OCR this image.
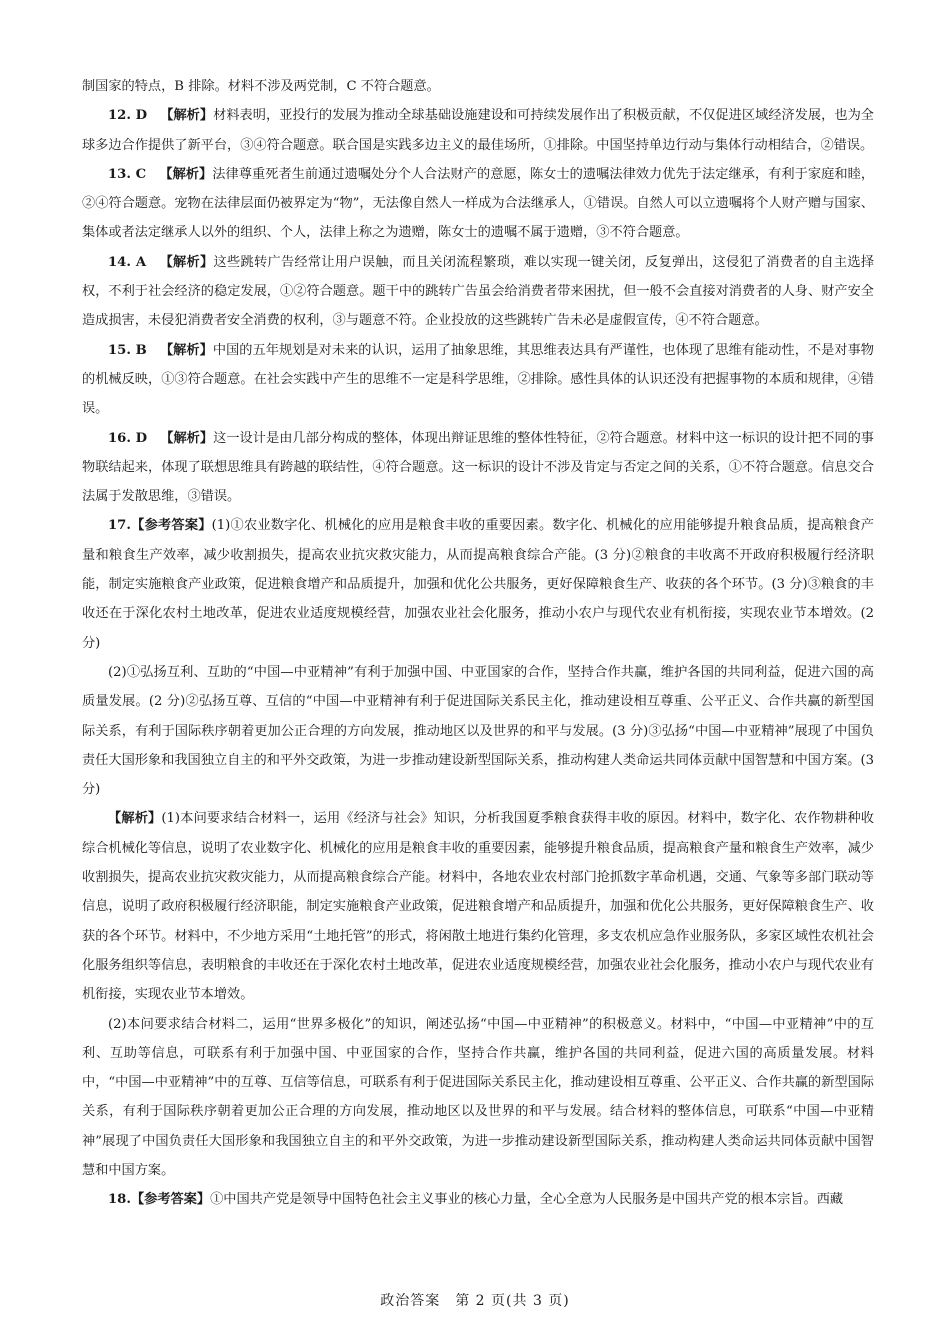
制国家的特点，B 排除。材料不涉及两党制，C 不符合题意。

12. D  【解析】材料表明，亚投行的发展为推动全球基础设施建设和可持续发展作出了积极贡献，不仅促进区域经济发展，也为全球多边合作提供了新平台，③④符合题意。联合国是实践多边主义的最佳场所，①排除。中国坚持单边行动与集体行动相结合，②错误。

13. C  【解析】法律尊重死者生前通过遗嘱处分个人合法财产的意愿，陈女士的遗嘱法律效力优先于法定继承，有利于家庭和睦，②④符合题意。宠物在法律层面仍被界定为“物”，无法像自然人一样成为合法继承人，①错误。自然人可以立遗嘱将个人财产赠与国家、集体或者法定继承人以外的组织、个人，法律上称之为遗赠，陈女士的遗嘱不属于遗赠，③不符合题意。

14. A  【解析】这些跳转广告经常让用户误触，而且关闭流程繁琐，难以实现一键关闭，反复弹出，这侵犯了消费者的自主选择权，不利于社会经济的稳定发展，①②符合题意。题干中的跳转广告虽会给消费者带来困扰，但一般不会直接对消费者的人身、财产安全造成损害，未侵犯消费者安全消费的权利，③与题意不符。企业投放的这些跳转广告未必是虚假宣传，④不符合题意。

15. B  【解析】中国的五年规划是对未来的认识，运用了抽象思维，其思维表达具有严谨性，也体现了思维有能动性，不是对事物的机械反映，①③符合题意。在社会实践中产生的思维不一定是科学思维，②排除。感性具体的认识还没有把握事物的本质和规律，④错误。

16. D  【解析】这一设计是由几部分构成的整体，体现出辩证思维的整体性特征，②符合题意。材料中这一标识的设计把不同的事物联结起来，体现了联想思维具有跨越的联结性，④符合题意。这一标识的设计不涉及肯定与否定之间的关系，①不符合题意。信息交合法属于发散思维，③错误。

17.【参考答案】(1)①农业数字化、机械化的应用是粮食丰收的重要因素。数字化、机械化的应用能够提升粮食品质，提高粮食产量和粮食生产效率，减少收割损失，提高农业抗灾救灾能力，从而提高粮食综合产能。(3 分)②粮食的丰收离不开政府积极履行经济职能，制定实施粮食产业政策，促进粮食增产和品质提升，加强和优化公共服务，更好保障粮食生产、收获的各个环节。(3 分)③粮食的丰收还在于深化农村土地改革，促进农业适度规模经营，加强农业社会化服务，推动小农户与现代农业有机衔接，实现农业节本增效。(2 分)

(2)①弘扬互利、互助的“中国—中亚精神”有利于加强中国、中亚国家的合作，坚持合作共赢，维护各国的共同利益，促进六国的高质量发展。(2 分)②弘扬互尊、互信的“中国—中亚精神有利于促进国际关系民主化，推动建设相互尊重、公平正义、合作共赢的新型国际关系，有利于国际秩序朝着更加公正合理的方向发展，推动地区以及世界的和平与发展。(3 分)③弘扬“中国—中亚精神”展现了中国负责任大国形象和我国独立自主的和平外交政策，为进一步推动建设新型国际关系，推动构建人类命运共同体贡献中国智慧和中国方案。(3 分)

【解析】(1)本问要求结合材料一，运用《经济与社会》知识，分析我国夏季粮食获得丰收的原因。材料中，数字化、农作物耕种收综合机械化等信息，说明了农业数字化、机械化的应用是粮食丰收的重要因素，能够提升粮食品质，提高粮食产量和粮食生产效率，减少收割损失，提高农业抗灾救灾能力，从而提高粮食综合产能。材料中，各地农业农村部门抢抓数字革命机遇，交通、气象等多部门联动等信息，说明了政府积极履行经济职能，制定实施粮食产业政策，促进粮食增产和品质提升，加强和优化公共服务，更好保障粮食生产、收获的各个环节。材料中，不少地方采用“土地托管”的形式，将闲散土地进行集约化管理，多支农机应急作业服务队，多家区域性农机社会化服务组织等信息，表明粮食的丰收还在于深化农村土地改革，促进农业适度规模经营，加强农业社会化服务，推动小农户与现代农业有机衔接，实现农业节本增效。

(2)本问要求结合材料二，运用“世界多极化”的知识，阐述弘扬“中国—中亚精神”的积极意义。材料中，“中国—中亚精神”中的互利、互助等信息，可联系有利于加强中国、中亚国家的合作，坚持合作共赢，维护各国的共同利益，促进六国的高质量发展。材料中，“中国—中亚精神”中的互尊、互信等信息，可联系有利于促进国际关系民主化，推动建设相互尊重、公平正义、合作共赢的新型国际关系，有利于国际秩序朝着更加公正合理的方向发展，推动地区以及世界的和平与发展。结合材料的整体信息，可联系“中国—中亚精神”展现了中国负责任大国形象和我国独立自主的和平外交政策，为进一步推动建设新型国际关系，推动构建人类命运共同体贡献中国智慧和中国方案。

18.【参考答案】①中国共产党是领导中国特色社会主义事业的核心力量，全心全意为人民服务是中国共产党的根本宗旨。西藏

政治答案　第 2 页(共 3 页)
